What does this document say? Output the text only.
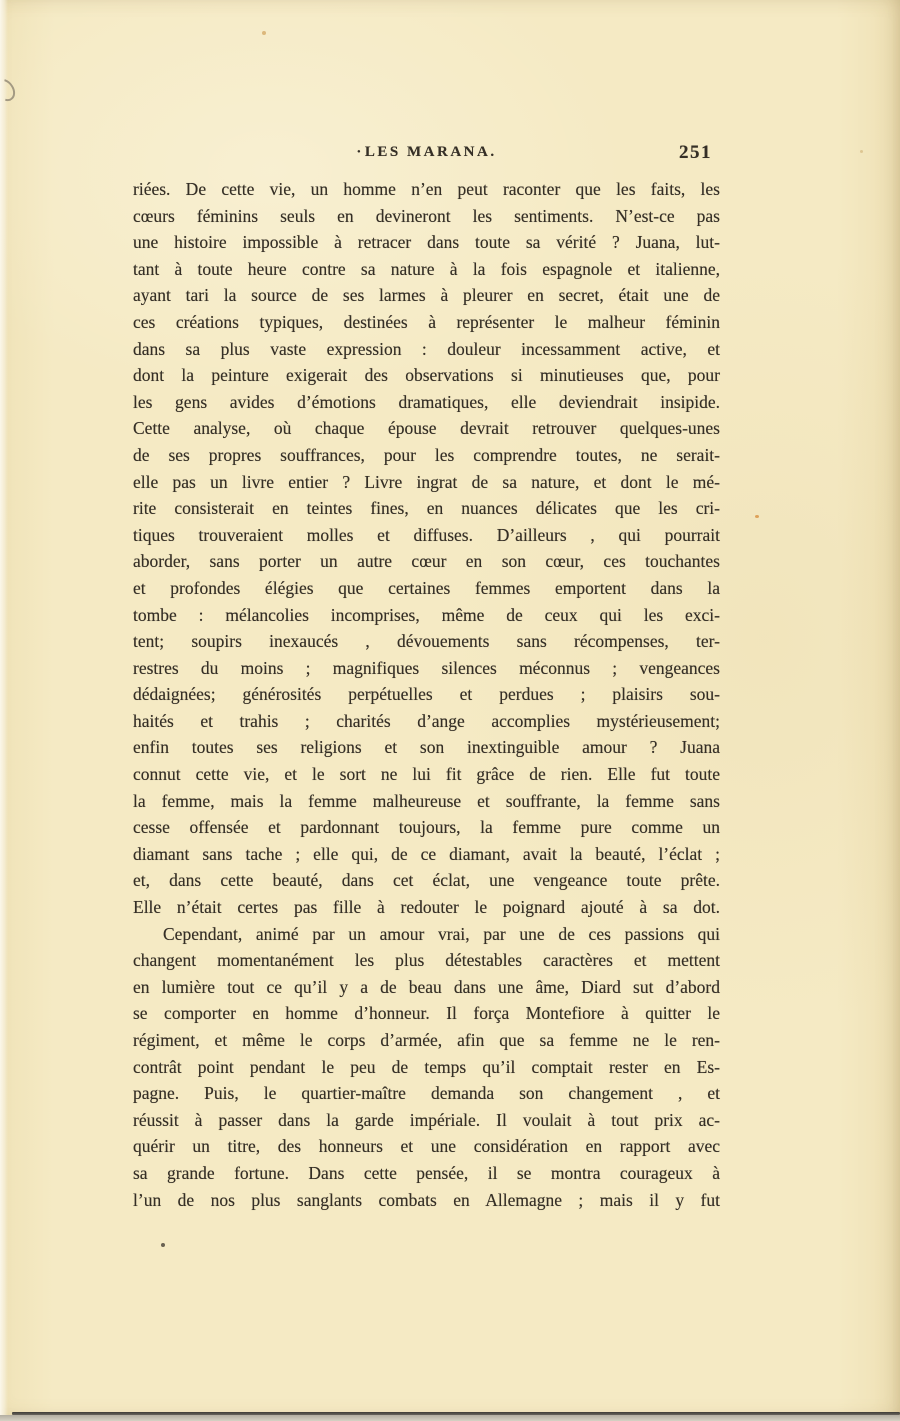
·LES MARANA.	251

riées. De cette vie, un homme n’en peut raconter que les faits, les
cœurs féminins seuls en devineront les sentiments. N’est-ce pas
une histoire impossible à retracer dans toute sa vérité ? Juana, lut-
tant à toute heure contre sa nature à la fois espagnole et italienne,
ayant tari la source de ses larmes à pleurer en secret, était une de
ces créations typiques, destinées à représenter le malheur féminin
dans sa plus vaste expression : douleur incessamment active, et
dont la peinture exigerait des observations si minutieuses que, pour
les gens avides d’émotions dramatiques, elle deviendrait insipide.
Cette analyse, où chaque épouse devrait retrouver quelques-unes
de ses propres souffrances, pour les comprendre toutes, ne serait-
elle pas un livre entier ? Livre ingrat de sa nature, et dont le mé-
rite consisterait en teintes fines, en nuances délicates que les cri-
tiques trouveraient molles et diffuses. D’ailleurs , qui pourrait
aborder, sans porter un autre cœur en son cœur, ces touchantes
et profondes élégies que certaines femmes emportent dans la
tombe : mélancolies incomprises, même de ceux qui les exci-
tent; soupirs inexaucés , dévouements sans récompenses, ter-
restres du moins ; magnifiques silences méconnus ; vengeances
dédaignées; générosités perpétuelles et perdues ; plaisirs sou-
haités et trahis ; charités d’ange accomplies mystérieusement;
enfin toutes ses religions et son inextinguible amour ? Juana
connut cette vie, et le sort ne lui fit grâce de rien. Elle fut toute
la femme, mais la femme malheureuse et souffrante, la femme sans
cesse offensée et pardonnant toujours, la femme pure comme un
diamant sans tache ; elle qui, de ce diamant, avait la beauté, l’éclat ;
et, dans cette beauté, dans cet éclat, une vengeance toute prête.
Elle n’était certes pas fille à redouter le poignard ajouté à sa dot.

Cependant, animé par un amour vrai, par une de ces passions qui
changent momentanément les plus détestables caractères et mettent
en lumière tout ce qu’il y a de beau dans une âme, Diard sut d’abord
se comporter en homme d’honneur. Il força Montefiore à quitter le
régiment, et même le corps d’armée, afin que sa femme ne le ren-
contrât point pendant le peu de temps qu’il comptait rester en Es-
pagne. Puis, le quartier-maître demanda son changement , et
réussit à passer dans la garde impériale. Il voulait à tout prix ac-
quérir un titre, des honneurs et une considération en rapport avec
sa grande fortune. Dans cette pensée, il se montra courageux à
l’un de nos plus sanglants combats en Allemagne ; mais il y fut
